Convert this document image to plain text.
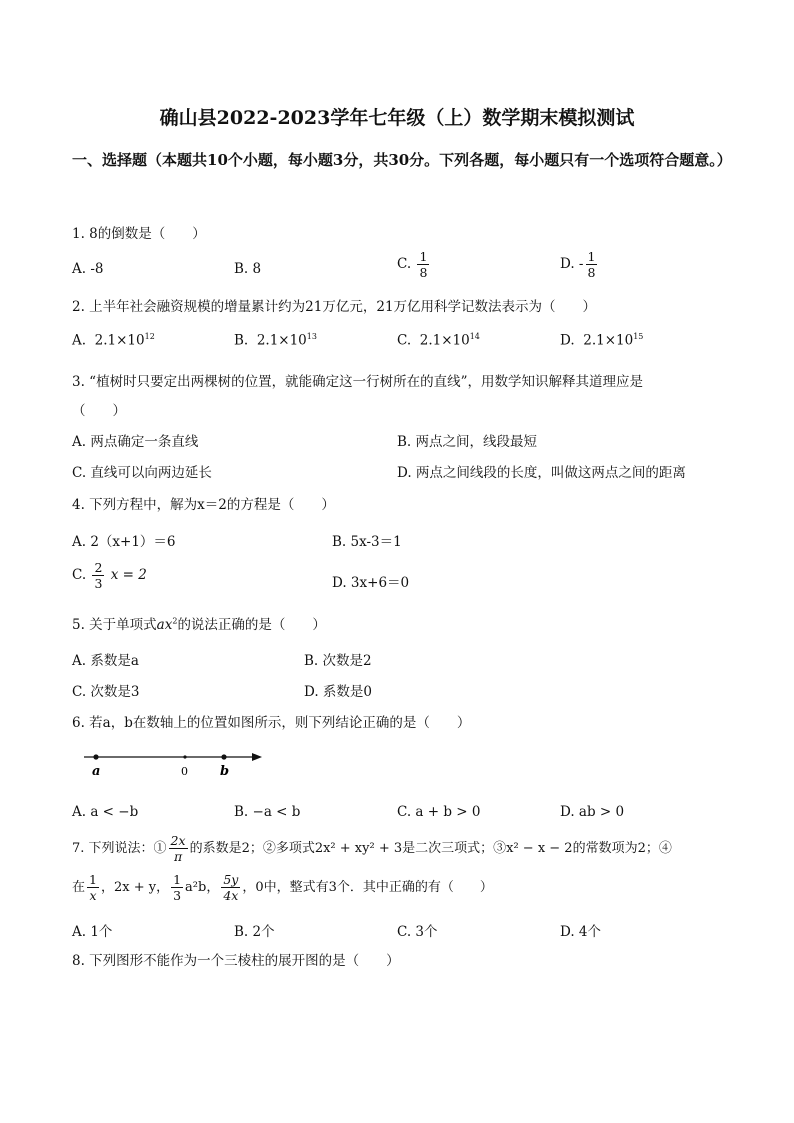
确山县2022-2023学年七年级（上）数学期末模拟测试
一、选择题（本题共10个小题，每小题3分，共30分。下列各题，每小题只有一个选项符合题意。）
1. 8的倒数是（　　）
A. -8	B. 8	C. $\frac{1}{8}$	D. - $\frac{1}{8}$
2. 上半年社会融资规模的增量累计约为21万亿元，21万亿用科学记数法表示为（　　）
A. $2.1\times 10^{12}$	B. $2.1\times 10^{13}$	C. $2.1\times 10^{14}$	D. $2.1\times 10^{15}$
3. “植树时只要定出两棵树的位置，就能确定这一行树所在的直线”，用数学知识解释其道理应是
（　　）
A. 两点确定一条直线	B. 两点之间，线段最短
C. 直线可以向两边延长	D. 两点之间线段的长度，叫做这两点之间的距离
4. 下列方程中，解为x＝2的方程是（　　）
A. 2（x+1）＝6	B. 5x-3＝1
C. $\frac{2}{3}$ x = 2	D. 3x+6＝0
5. 关于单项式$ax^2$的说法正确的是（　　）
A. 系数是a	B. 次数是2
C. 次数是3	D. 系数是0
6. 若a，b在数轴上的位置如图所示，则下列结论正确的是（　　）
a	0 b
A. a < −b	B. −a < b	C. a + b > 0	D. ab > 0
7. 下列说法：① $\frac{2x}{\pi}$ 的系数是2；②多项式2x² + xy² + 3是二次三项式；③x² − x − 2的常数项为2；④
在 $\frac{1}{x}$ ，2x + y， $\frac{1}{3} a^2b$， $\frac{5y}{4x}$ ，0中，整式有3个．其中正确的有（　　）
A. 1个	B. 2个	C. 3个	D. 4个
8. 下列图形不能作为一个三棱柱的展开图的是（　　）
